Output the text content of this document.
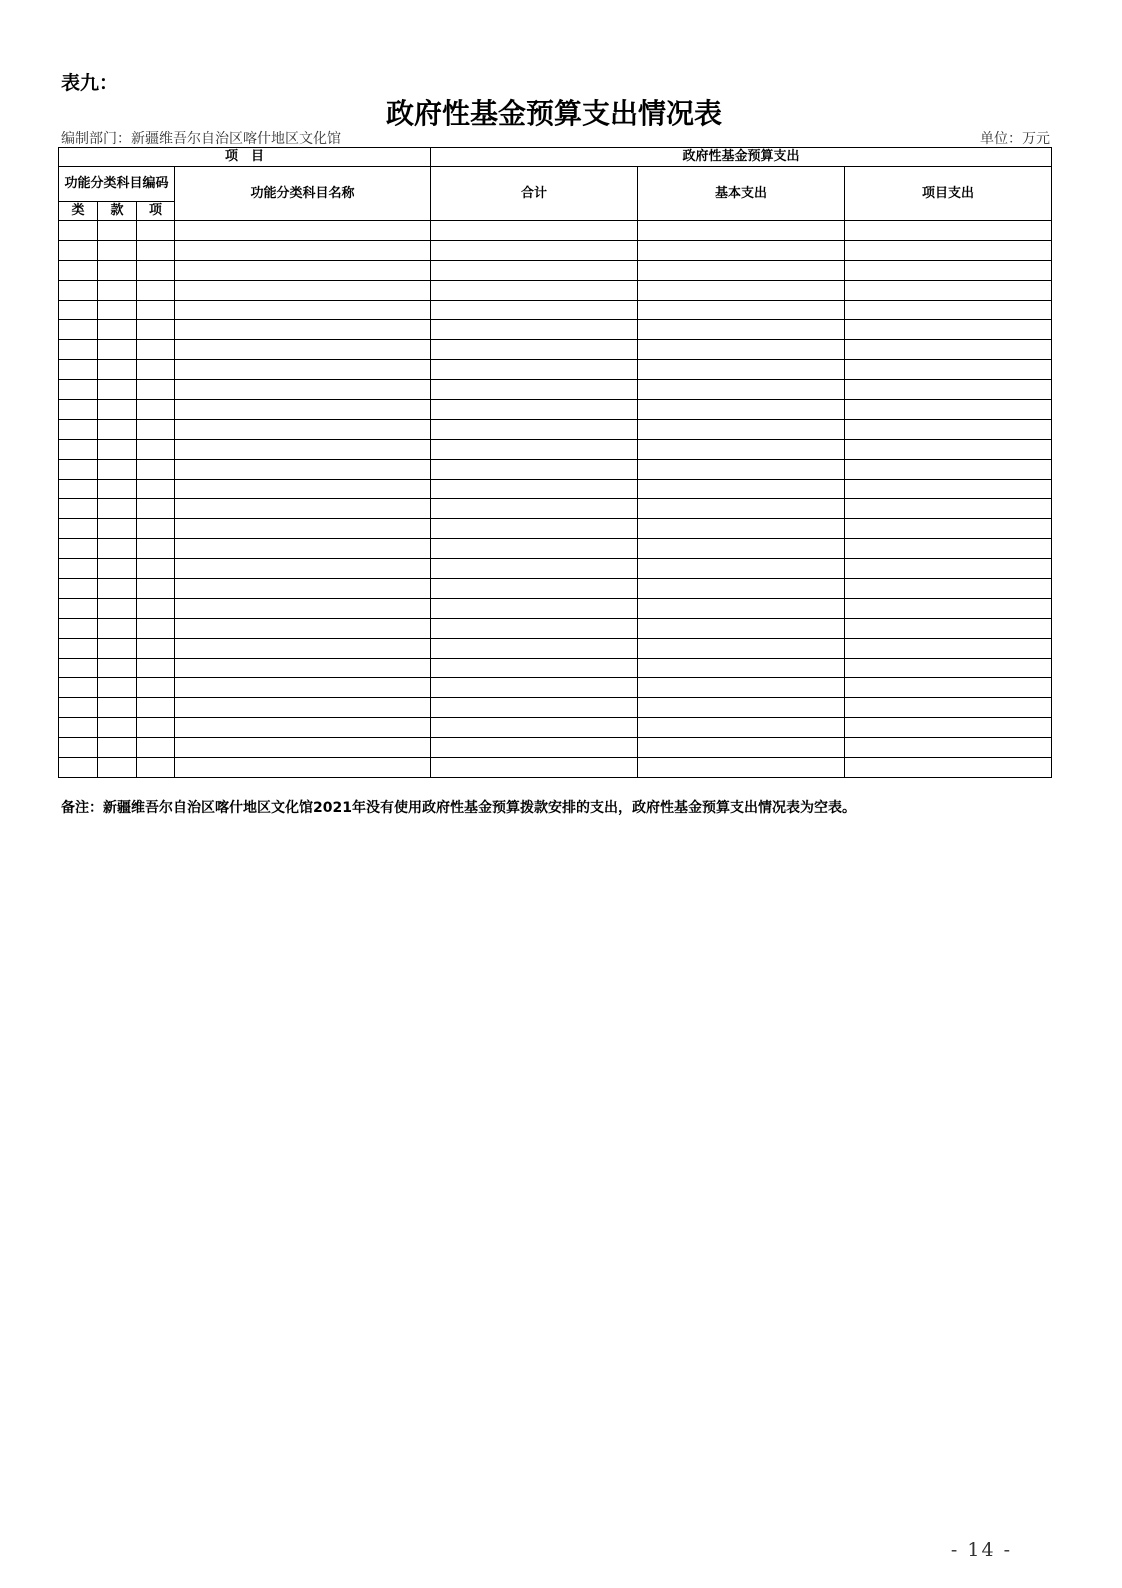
表九：
政府性基金预算支出情况表
编制部门：新疆维吾尔自治区喀什地区文化馆	单位：万元
项　目				政府性基金预算支出		
功能分类科目编码			功能分类科目名称	合计	基本支出	项目支出
类	款	项				

备注：新疆维吾尔自治区喀什地区文化馆2021年没有使用政府性基金预算拨款安排的支出，政府性基金预算支出情况表为空表。
- 14 -
